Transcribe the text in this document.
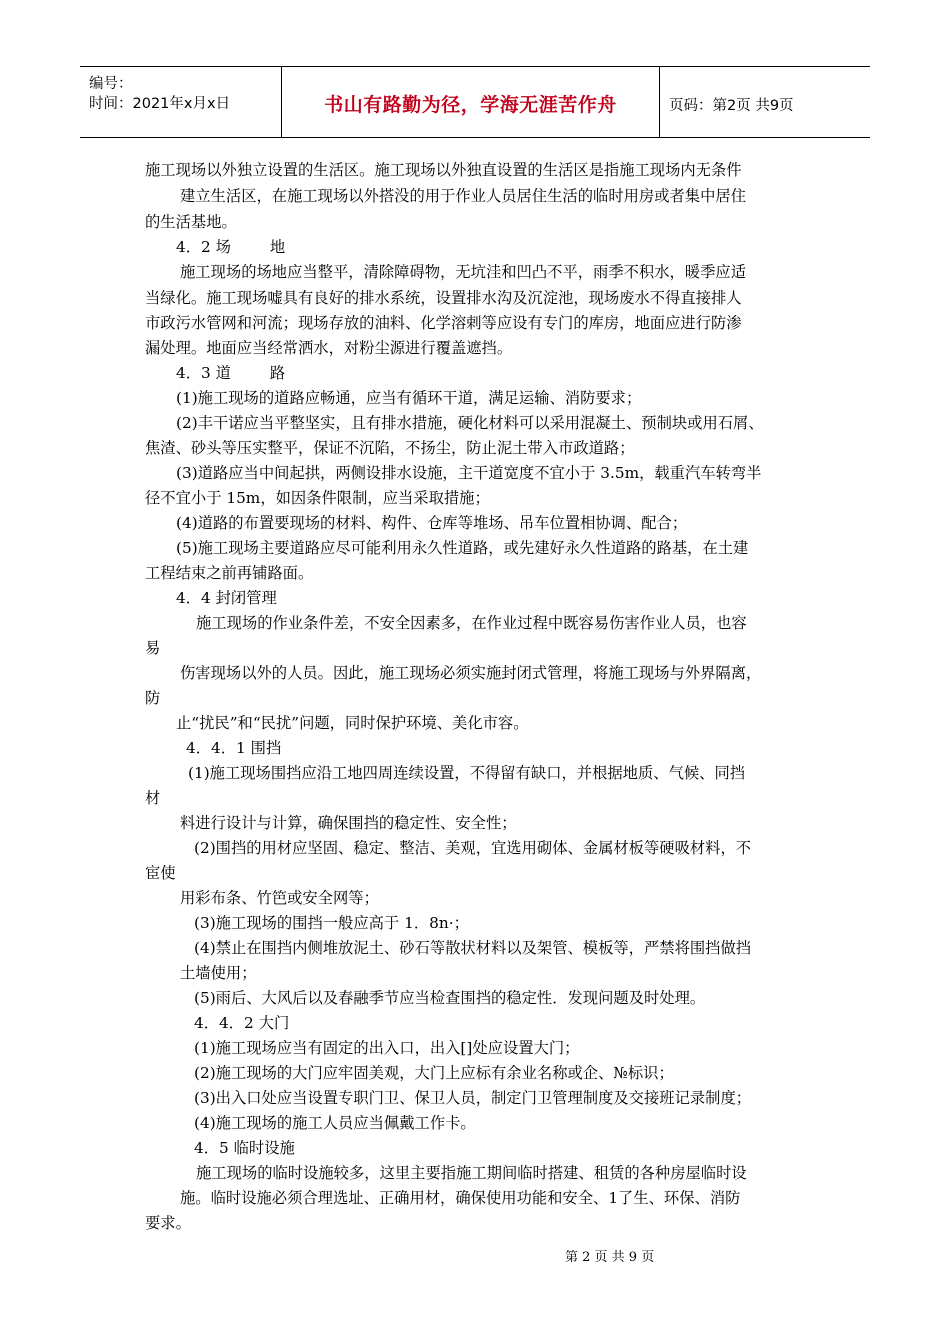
编号：
时间：2021年x月x日	书山有路勤为径，学海无涯苦作舟	页码：第2页 共9页
施工现场以外独立设置的生活区。施工现场以外独直设置的生活区是指施工现场内无条件
建立生活区，在施工现场以外搭没的用于作业人员居住生活的临时用房或者集中居住
的生活基地。
4．2 场        地
施工现场的场地应当整平，清除障碍物，无坑洼和凹凸不平，雨季不积水，暖季应适
当绿化。施工现场嘘具有良好的排水系统，设置排水沟及沉淀池，现场废水不得直接排人
市政污水管网和河流；现场存放的油料、化学溶剌等应设有专门的库房，地面应进行防渗
漏处理。地面应当经常洒水，对粉尘源进行覆盖遮挡。
4．3 道        路
(1)施工现场的道路应畅通，应当有循环干道，满足运输、消防要求；
(2)丰干诺应当平整坚实，且有排水措施，硬化材料可以采用混凝土、预制块或用石屑、
焦渣、砂头等压实整平，保证不沉陷，不扬尘，防止泥土带入市政道路；
(3)道路应当中间起拱，两侧设排水设施，主干道宽度不宜小于 3.5m，载重汽车转弯半
径不宜小于 15m，如因条件限制，应当采取措施；
(4)道路的布置要现场的材料、构件、仓库等堆场、吊车位置相协调、配合；
(5)施工现场主要道路应尽可能利用永久性道路，或先建好永久性道路的路基，在土建
工程结束之前再铺路面。
4．4 封闭管理
施工现场的作业条件差，不安全因素多，在作业过程中既容易伤害作业人员，也容
易
伤害现场以外的人员。因此，施工现场必须实施封闭式管理，将施工现场与外界隔离，
防
止“扰民”和“民扰”问题，同时保护环境、美化市容。
4．4．1 围挡
(1)施工现场围挡应沿工地四周连续设置，不得留有缺口，并根据地质、气候、同挡
材
料进行设计与计算，确保围挡的稳定性、安全性；
(2)围挡的用材应坚固、稳定、整洁、美观，宜选用砌体、金属材板等硬吸材料，不
宦使
用彩布条、竹笆或安全网等；
(3)施工现场的围挡一般应高于 1．8n·；
(4)禁止在围挡内侧堆放泥土、砂石等散状材料以及架管、模板等，严禁将围挡做挡
土墙使用；
(5)雨后、大风后以及春融季节应当检查围挡的稳定性．发现问题及时处理。
4．4．2 大门
(1)施工现场应当有固定的出入口，出入[]处应设置大门；
(2)施工现场的大门应牢固美观，大门上应标有余业名称或企、№标识；
(3)出入口处应当设置专职门卫、保卫人员，制定门卫管理制度及交接班记录制度；
(4)施工现场的施工人员应当佩戴工作卡。
4．5 临时设施
施工现场的临时设施较多，这里主要指施工期间临时搭建、租赁的各种房屋临时设
施。临时设施必须合理选址、正确用材，确保使用功能和安全、1了生、环保、消防
要求。
第 2 页 共 9 页
